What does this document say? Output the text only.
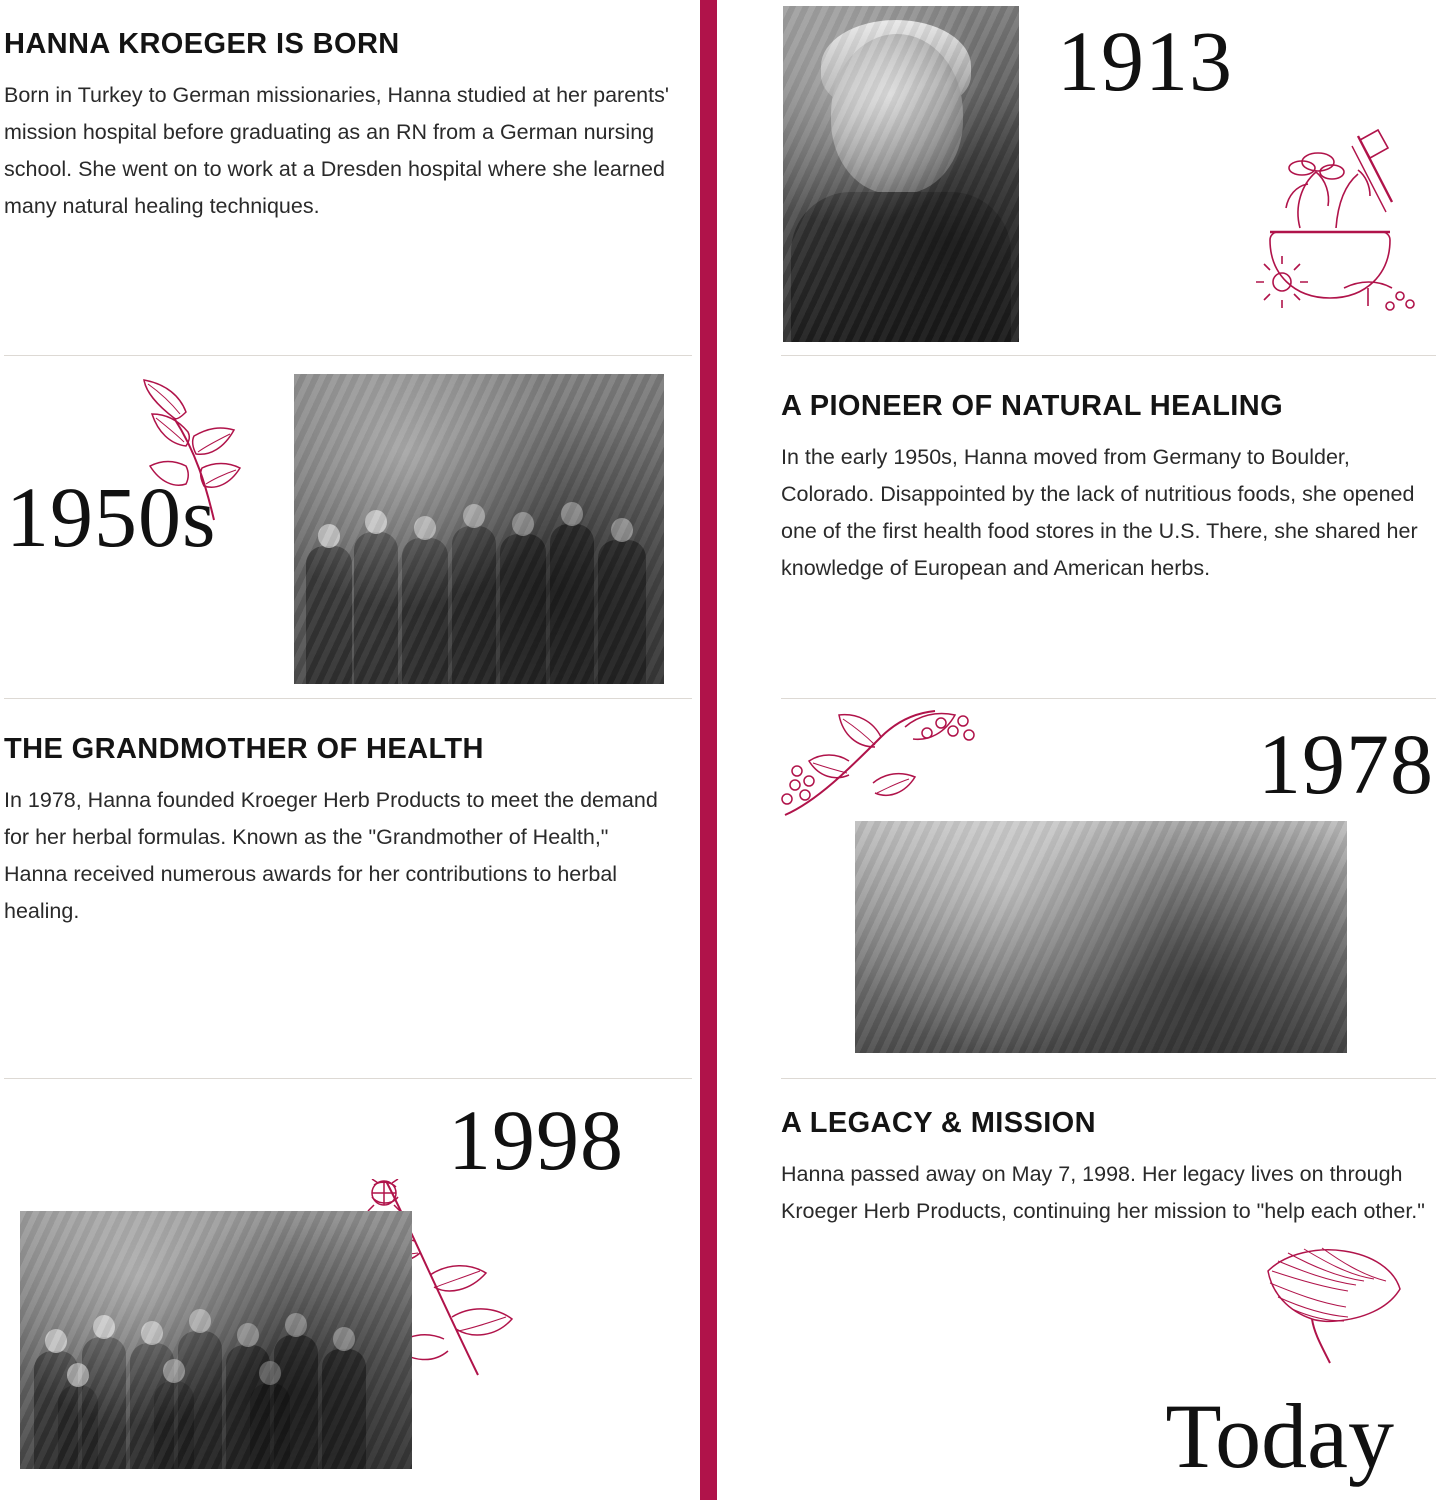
HANNA KROEGER IS BORN

Born in Turkey to German missionaries, Hanna studied at her parents' mission hospital before graduating as an RN from a German nursing school. She went on to work at a Dresden hospital where she learned many natural healing techniques.

1913
1950s
A PIONEER OF NATURAL HEALING

In the early 1950s, Hanna moved from Germany to Boulder, Colorado. Disappointed by the lack of nutritious foods, she opened one of the first health food stores in the U.S. There, she shared her knowledge of European and American herbs.

THE GRANDMOTHER OF HEALTH

In 1978, Hanna founded Kroeger Herb Products to meet the demand for her herbal formulas. Known as the "Grandmother of Health," Hanna received numerous awards for her contributions to herbal healing.

1978
1998	A LEGACY & MISSION

Hanna passed away on May 7, 1998. Her legacy lives on through Kroeger Herb Products, continuing her mission to "help each other."

Today
